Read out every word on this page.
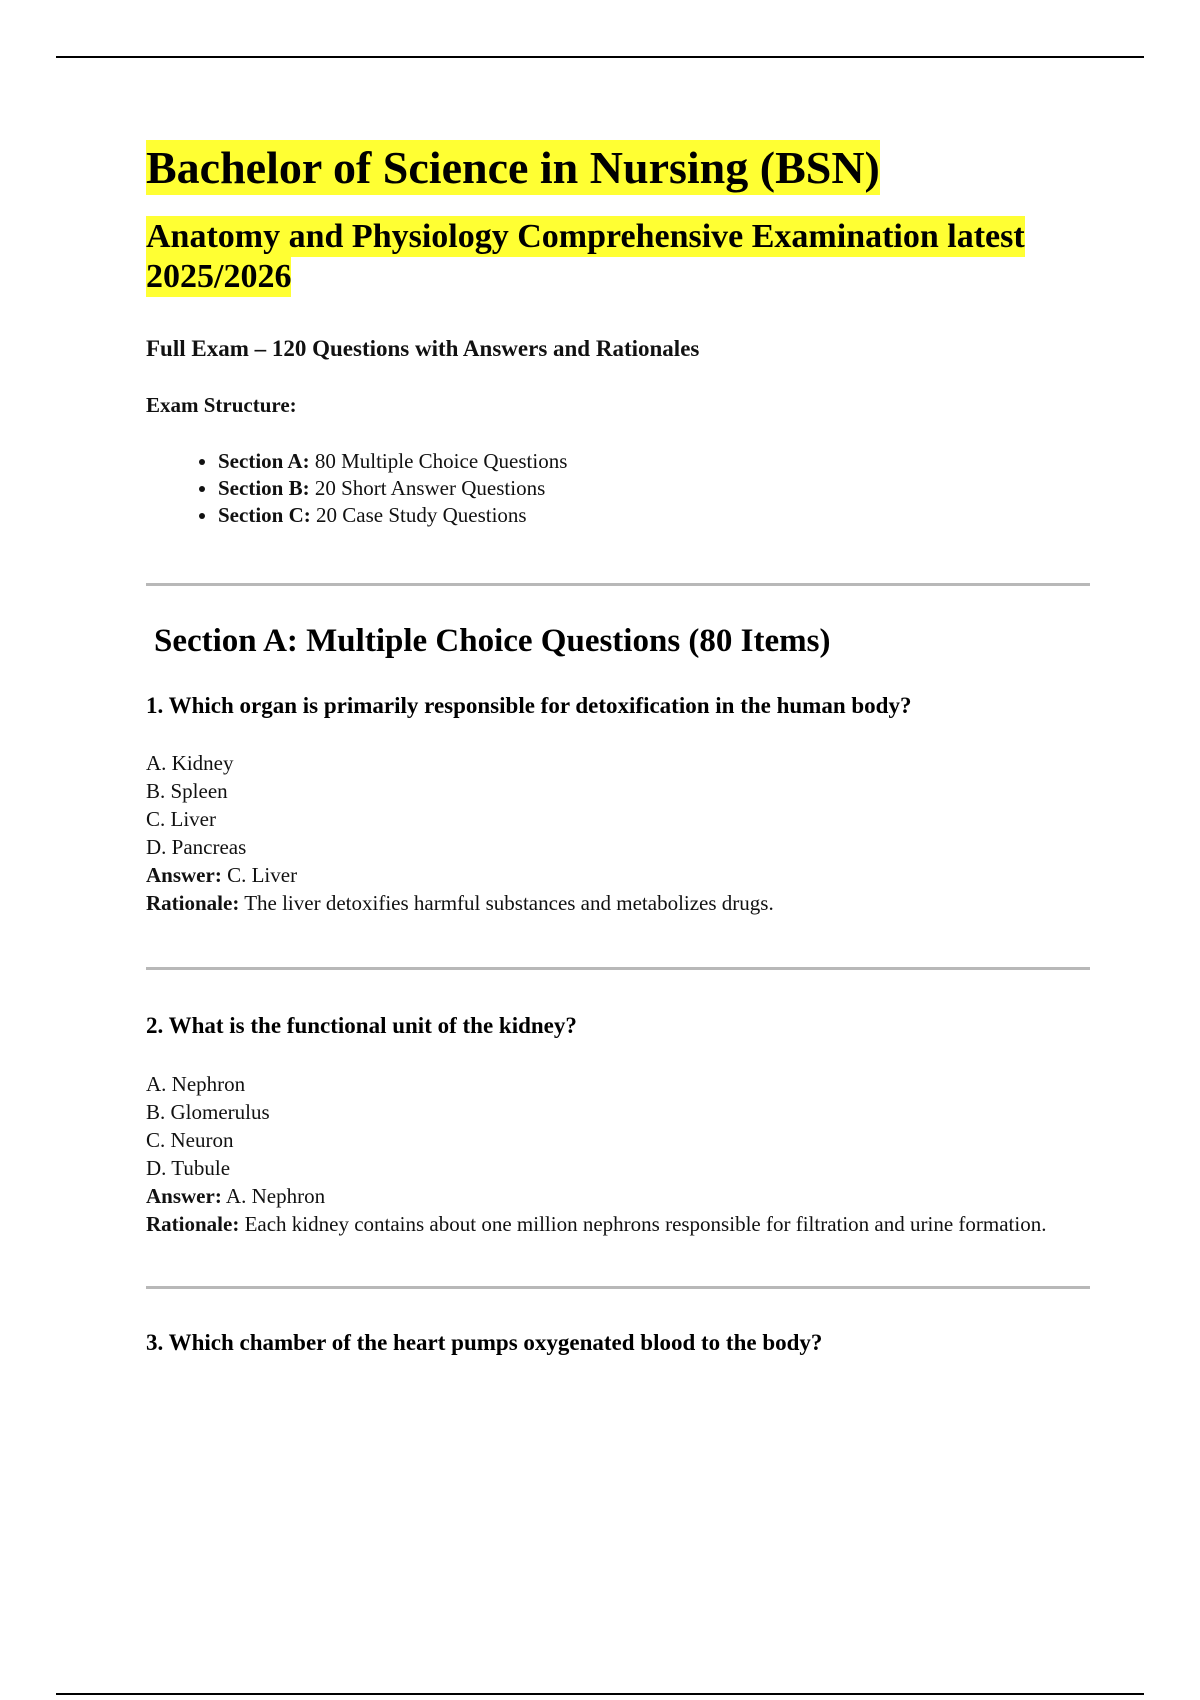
Bachelor of Science in Nursing (BSN)
Anatomy and Physiology Comprehensive Examination latest 2025/2026

Full Exam – 120 Questions with Answers and Rationales

Exam Structure:

• Section A: 80 Multiple Choice Questions
• Section B: 20 Short Answer Questions
• Section C: 20 Case Study Questions
Section A: Multiple Choice Questions (80 Items)

1. Which organ is primarily responsible for detoxification in the human body?

A. Kidney
B. Spleen
C. Liver
D. Pancreas
Answer: C. Liver
Rationale: The liver detoxifies harmful substances and metabolizes drugs.

2. What is the functional unit of the kidney?

A. Nephron
B. Glomerulus
C. Neuron
D. Tubule
Answer: A. Nephron
Rationale: Each kidney contains about one million nephrons responsible for filtration and urine formation.

3. Which chamber of the heart pumps oxygenated blood to the body?
